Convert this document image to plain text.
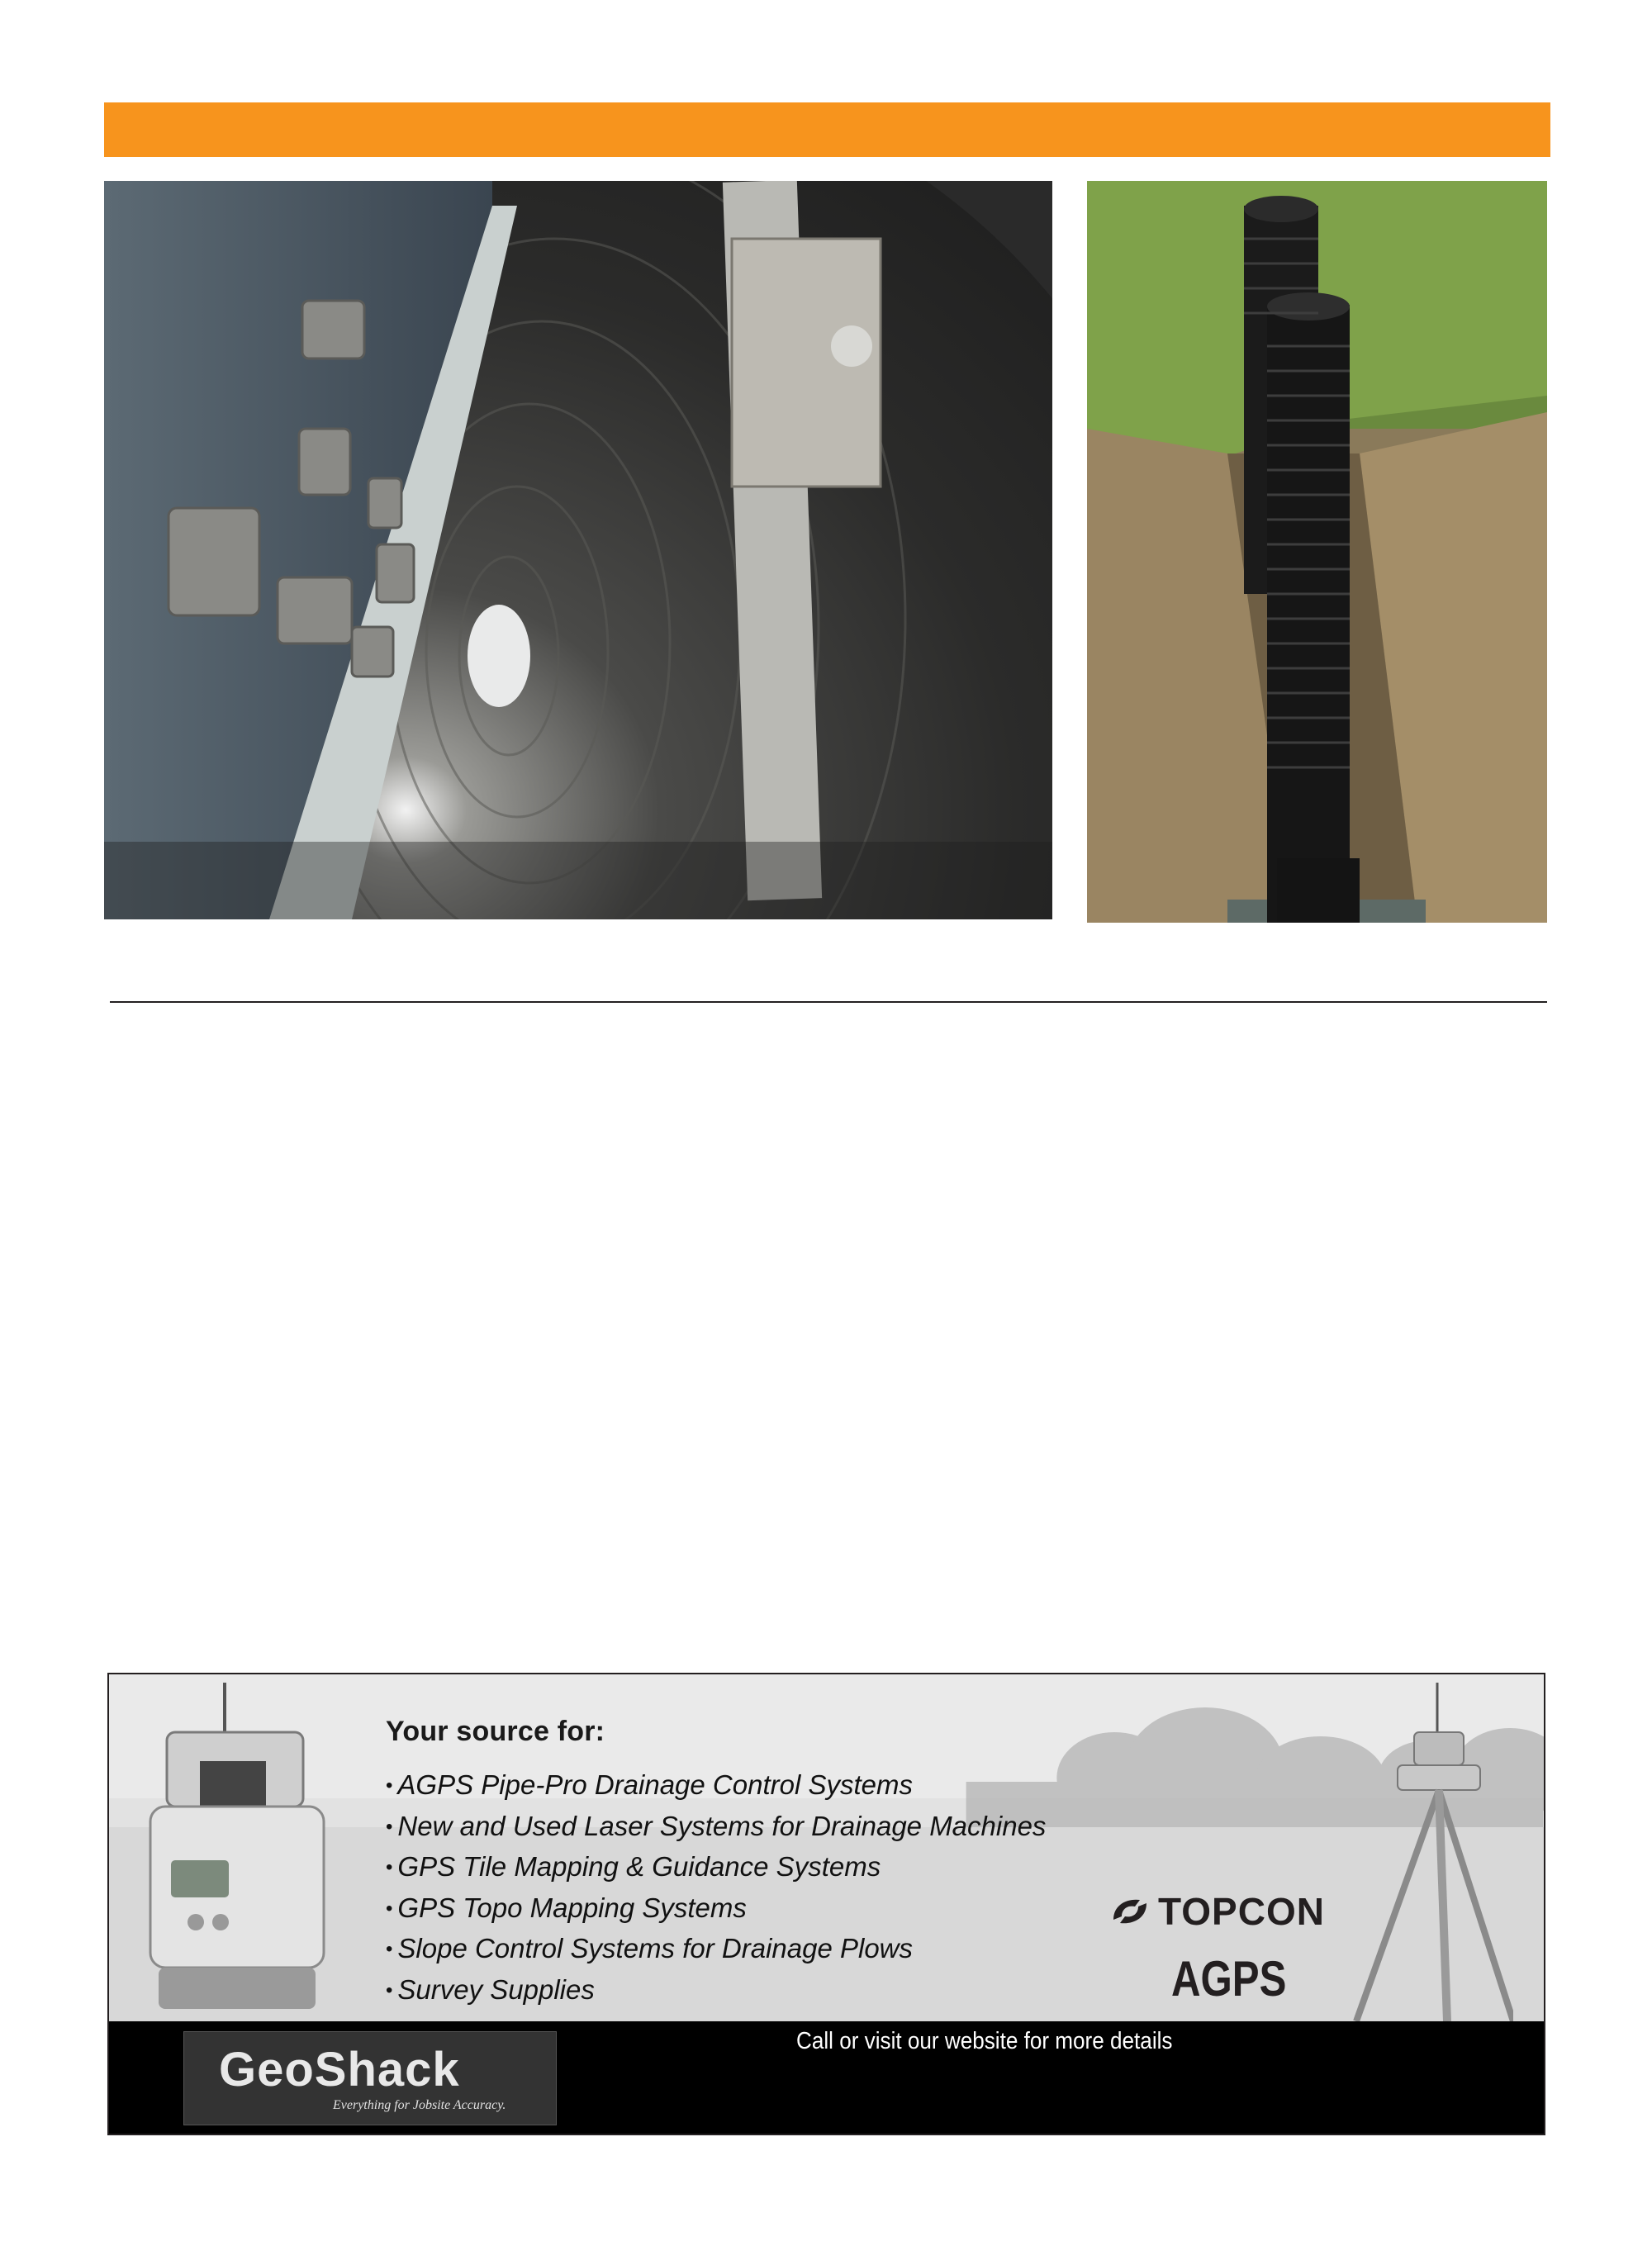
• AGPS Pipe-Pro Drainage Control Systems
• New and Used Laser Systems for Drainage Machines
• GPS Tile Mapping & Guidance Systems
• GPS Topo Mapping Systems
• Slope Control Systems for Drainage Plows
• Survey Supplies
Your source for:
TOPCON
AGPS
GeoShack
Everything for Jobsite Accuracy.
Call or visit our website for more details
